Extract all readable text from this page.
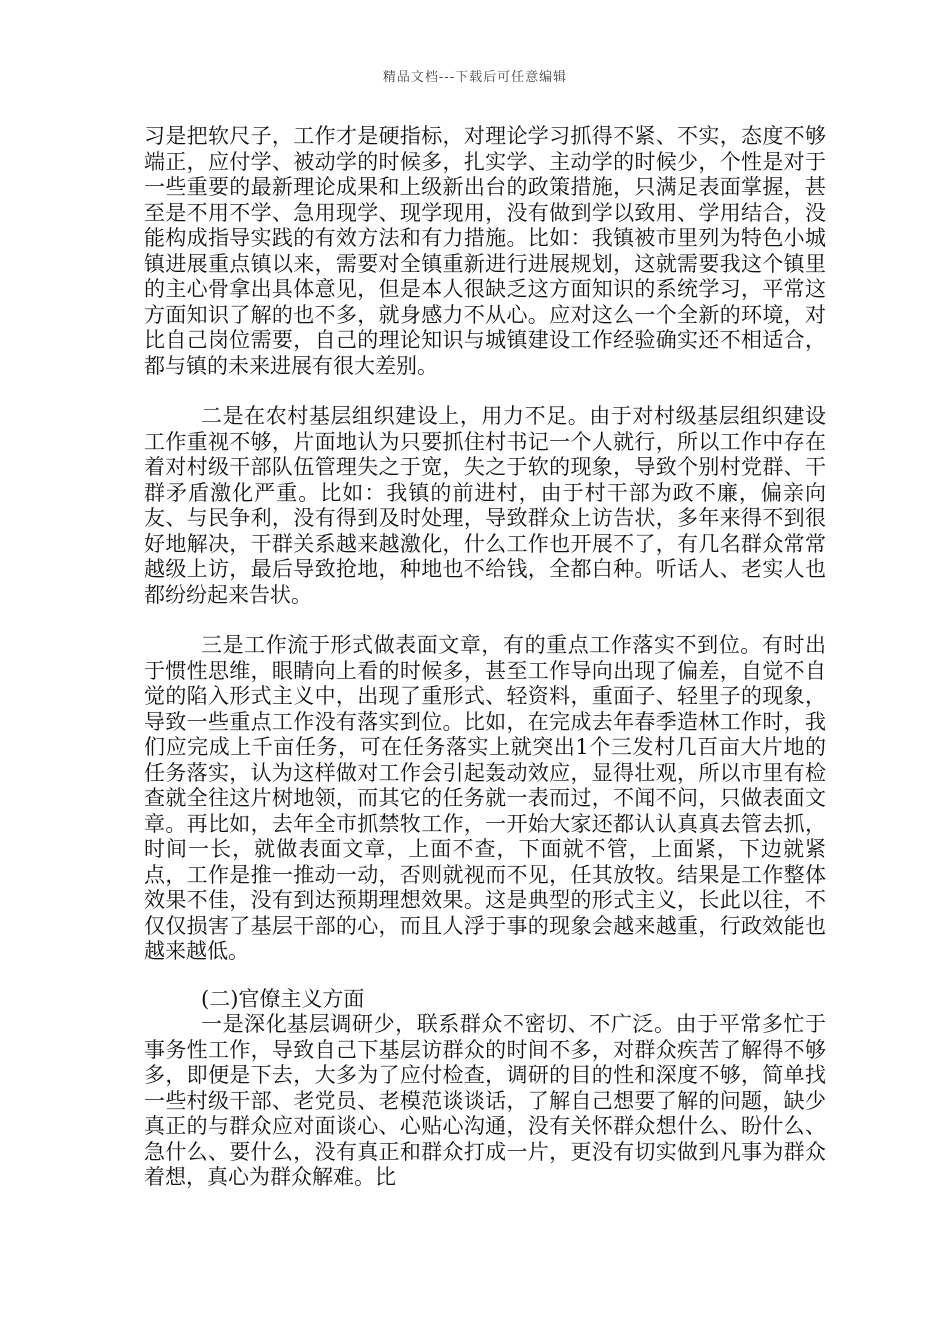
精品文档---下载后可任意编辑

习是把软尺子，工作才是硬指标，对理论学习抓得不紧、不实，态度不够端正，应付学、被动学的时候多，扎实学、主动学的时候少，个性是对于一些重要的最新理论成果和上级新出台的政策措施，只满足表面掌握，甚至是不用不学、急用现学、现学现用，没有做到学以致用、学用结合，没能构成指导实践的有效方法和有力措施。比如：我镇被市里列为特色小城镇进展重点镇以来，需要对全镇重新进行进展规划，这就需要我这个镇里的主心骨拿出具体意见，但是本人很缺乏这方面知识的系统学习，平常这方面知识了解的也不多，就身感力不从心。应对这么一个全新的环境，对比自己岗位需要，自己的理论知识与城镇建设工作经验确实还不相适合，都与镇的未来进展有很大差别。

二是在农村基层组织建设上，用力不足。由于对村级基层组织建设工作重视不够，片面地认为只要抓住村书记一个人就行，所以工作中存在着对村级干部队伍管理失之于宽，失之于软的现象，导致个别村党群、干群矛盾激化严重。比如：我镇的前进村，由于村干部为政不廉，偏亲向友、与民争利，没有得到及时处理，导致群众上访告状，多年来得不到很好地解决，干群关系越来越激化，什么工作也开展不了，有几名群众常常越级上访，最后导致抢地，种地也不给钱，全都白种。听话人、老实人也都纷纷起来告状。

三是工作流于形式做表面文章，有的重点工作落实不到位。有时出于惯性思维，眼睛向上看的时候多，甚至工作导向出现了偏差，自觉不自觉的陷入形式主义中，出现了重形式、轻资料，重面子、轻里子的现象，导致一些重点工作没有落实到位。比如，在完成去年春季造林工作时，我们应完成上千亩任务，可在任务落实上就突出1个三发村几百亩大片地的任务落实，认为这样做对工作会引起轰动效应，显得壮观，所以市里有检查就全往这片树地领，而其它的任务就一表而过，不闻不问，只做表面文章。再比如，去年全市抓禁牧工作，一开始大家还都认认真真去管去抓，时间一长，就做表面文章，上面不查，下面就不管，上面紧，下边就紧点，工作是推一推动一动，否则就视而不见，任其放牧。结果是工作整体效果不佳，没有到达预期理想效果。这是典型的形式主义，长此以往，不仅仅损害了基层干部的心，而且人浮于事的现象会越来越重，行政效能也越来越低。

(二)官僚主义方面

一是深化基层调研少，联系群众不密切、不广泛。由于平常多忙于事务性工作，导致自己下基层访群众的时间不多，对群众疾苦了解得不够多，即便是下去，大多为了应付检查，调研的目的性和深度不够，简单找一些村级干部、老党员、老模范谈谈话，了解自己想要了解的问题，缺少真正的与群众应对面谈心、心贴心沟通，没有关怀群众想什么、盼什么、急什么、要什么，没有真正和群众打成一片，更没有切实做到凡事为群众着想，真心为群众解难。比
